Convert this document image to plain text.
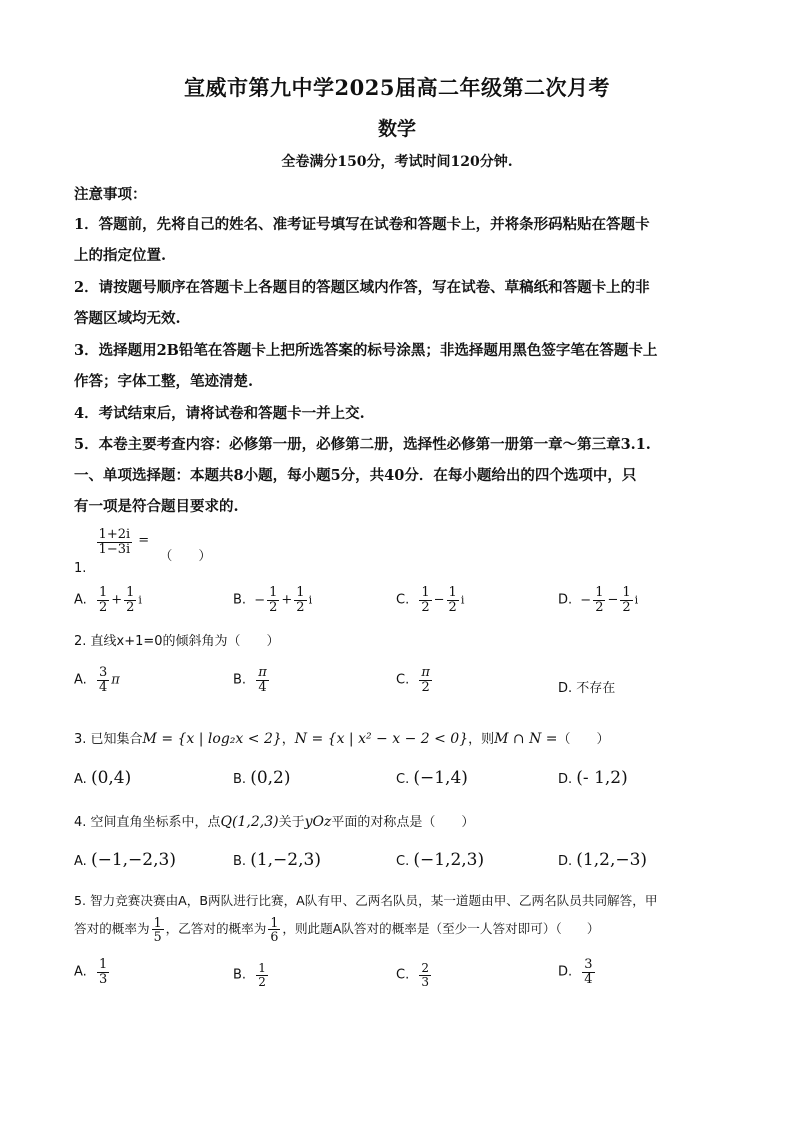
宣威市第九中学2025届高二年级第二次月考
数学
全卷满分150分，考试时间120分钟.
注意事项：
1．答题前，先将自己的姓名、准考证号填写在试卷和答题卡上，并将条形码粘贴在答题卡
上的指定位置.
2．请按题号顺序在答题卡上各题目的答题区域内作答，写在试卷、草稿纸和答题卡上的非
答题区域均无效.
3．选择题用2B铅笔在答题卡上把所选答案的标号涂黑；非选择题用黑色签字笔在答题卡上
作答；字体工整，笔迹清楚.
4．考试结束后，请将试卷和答题卡一并上交.
5．本卷主要考查内容：必修第一册，必修第二册，选择性必修第一册第一章～第三章3.1.
一、单项选择题：本题共8小题，每小题5分，共40分．在每小题给出的四个选项中，只
有一项是符合题目要求的.
1.
$\frac{1+2i}{1-3i}$ = （　　）
A. $\frac{1}{2} + \frac{1}{2}$ i	B. − $\frac{1}{2} + \frac{1}{2}$ i	C. $\frac{1}{2} - \frac{1}{2}$ i	D. − $\frac{1}{2} - \frac{1}{2}$ i
2. 直线x+1=0的倾斜角为（　　）
A. $\frac{3}{4}$ π	B. $\frac{\pi}{4}$	C. $\frac{\pi}{2}$	D. 不存在
3. 已知集合M = {x | log₂x < 2}，N = {x | x² − x − 2 < 0}，则M ∩ N =（　　）
A. (0,4)	B. (0,2)	C. (−1,4)	D. (- 1,2)
4. 空间直角坐标系中，点Q(1,2,3)关于yOz平面的对称点是（　　）
A. (−1,−2,3)	B. (1,−2,3)	C. (−1,2,3)	D. (1,2,−3)
5. 智力竞赛决赛由A，B两队进行比赛，A队有甲、乙两名队员，某一道题由甲、乙两名队员共同解答，甲
答对的概率为 $\frac{1}{5}$ ，乙答对的概率为 $\frac{1}{6}$ ，则此题A队答对的概率是（至少一人答对即可）（　　）
A. $\frac{1}{3}$	B. $\frac{1}{2}$	C. $\frac{2}{3}$	D. $\frac{3}{4}$
